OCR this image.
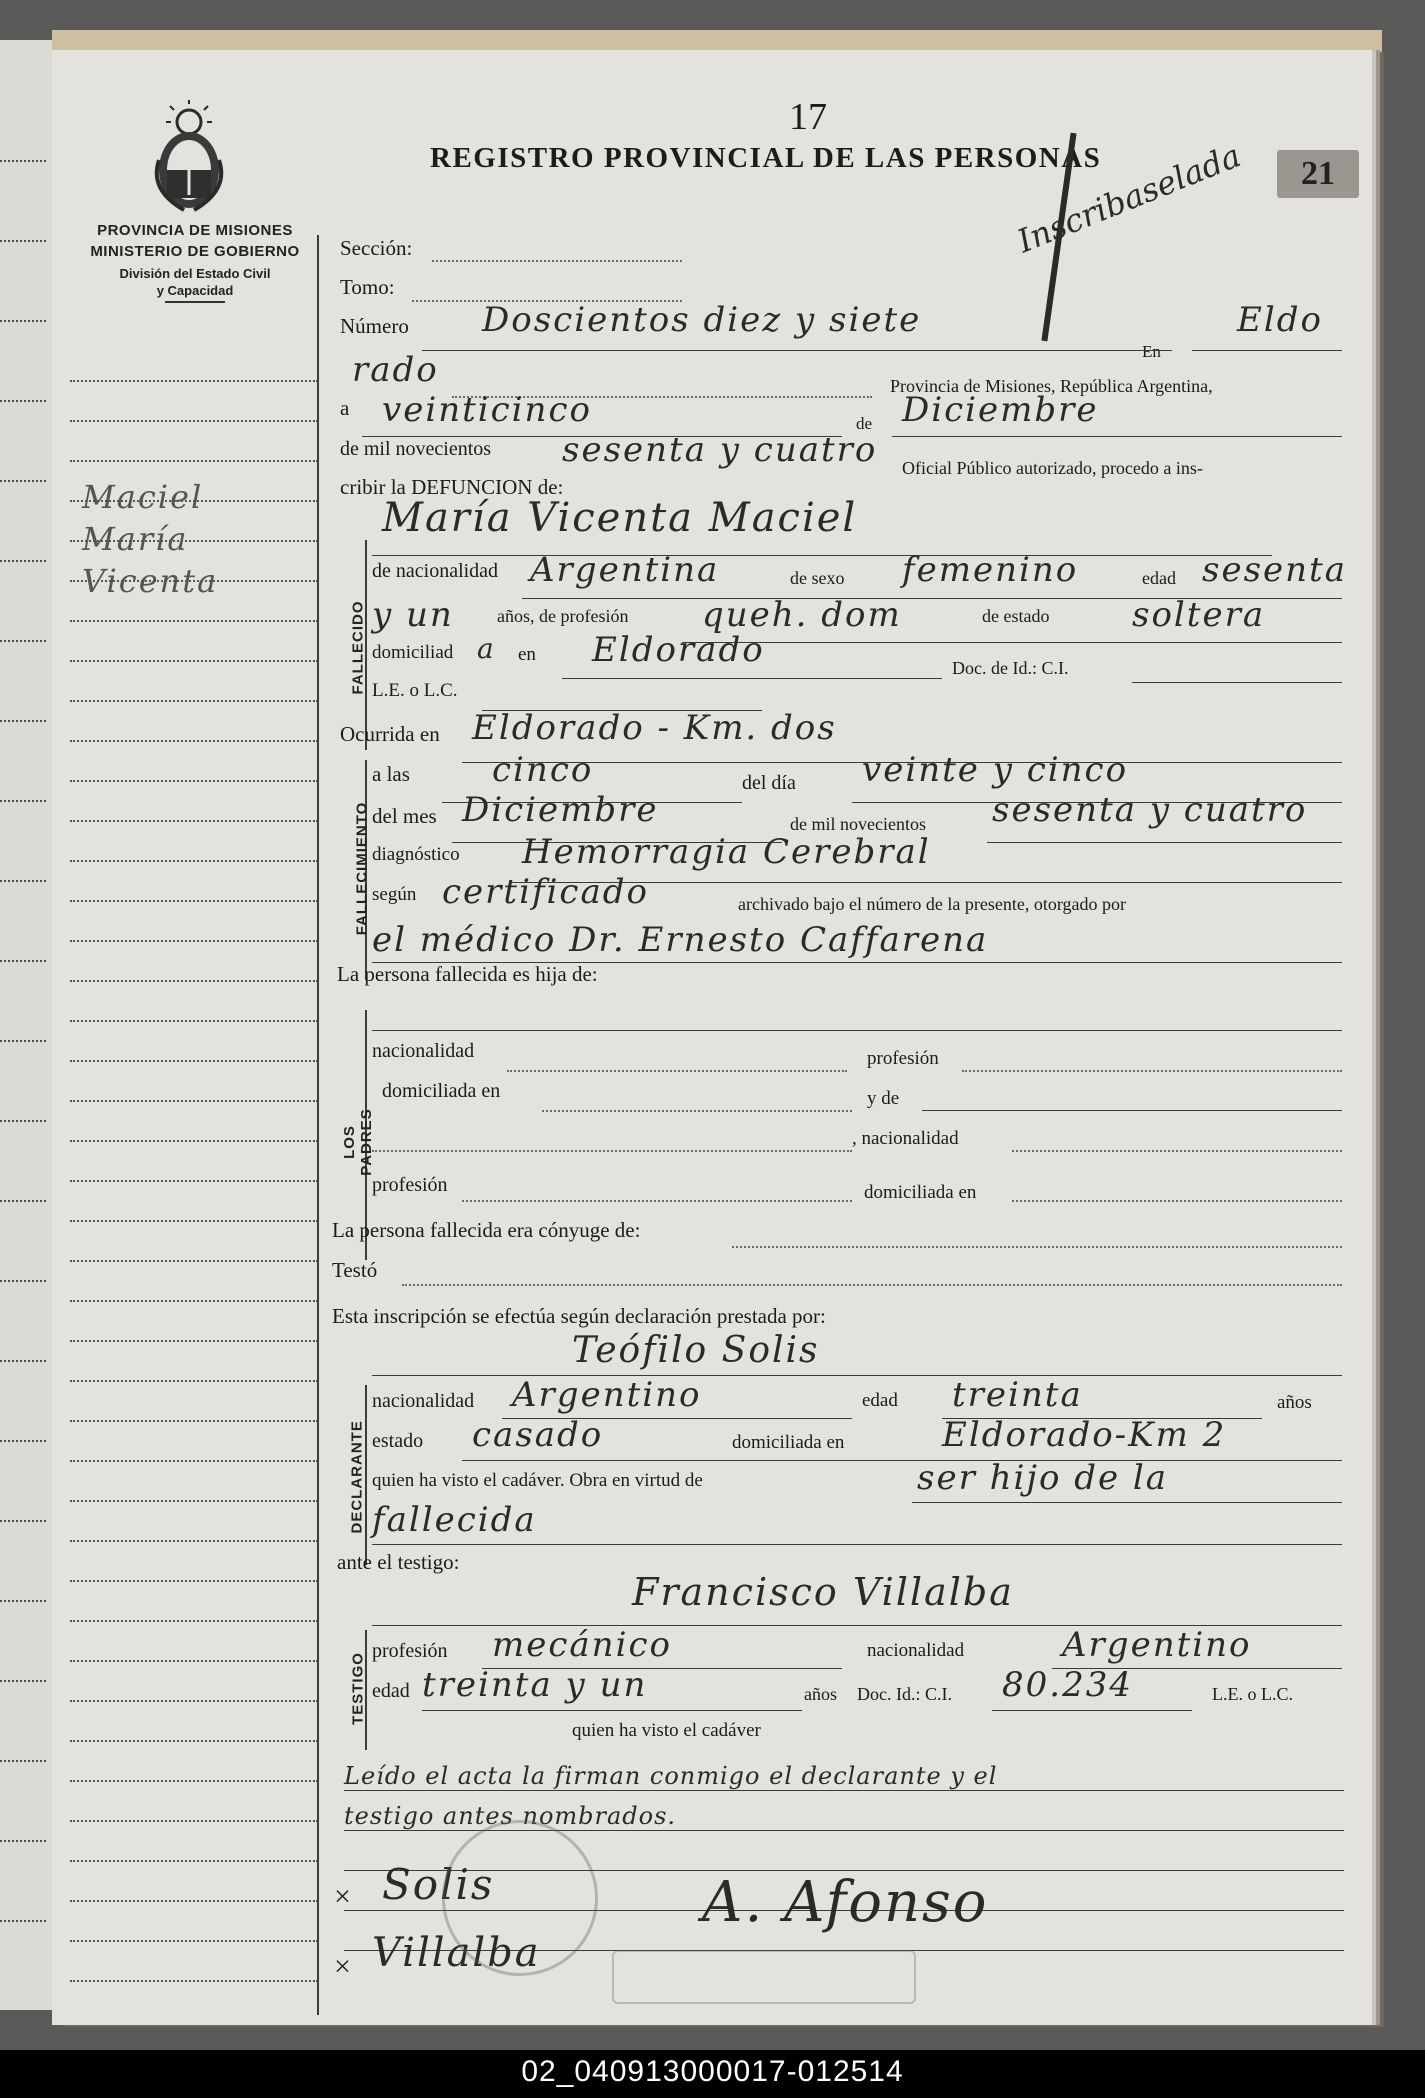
PROVINCIA DE MISIONES
MINISTERIO DE GOBIERNO
División del Estado Civil
y Capacidad
17
REGISTRO PROVINCIAL DE LAS PERSONAS	21
Inscribaselada
Maciel
María
Vicenta
Sección:
Tomo:
Número Doscientos diez y siete
En
Eldo
rado	Provincia de Misiones, República Argentina,
a veinticinco	de Diciembre
de mil novecientos sesenta y cuatro Oficial Público autorizado, procedo a ins-
cribir la DEFUNCION de:
FALLECIDO
María Vicenta Maciel
de nacionalidad Argentina	de sexo femenino	edad sesenta
y un años, de profesión queh. dom	de estado soltera
domiciliad a en Eldorado	Doc. de Id.: C.I.
L.E. o L.C.
Ocurrida en Eldorado - Km. dos
FALLECIMIENTO
a las cinco	del día veinte y cinco
del mes Diciembre	de mil novecientos sesenta y cuatro
diagnóstico Hemorragia Cerebral
según certificado	archivado bajo el número de la presente, otorgado por
el médico Dr. Ernesto Caffarena
La persona fallecida es hija de:
LOS PADRES
nacionalidad	profesión
domiciliada en	y de
, nacionalidad
profesión	domiciliada en
La persona fallecida era cónyuge de:
Testó
Esta inscripción se efectúa según declaración prestada por:
Teófilo Solis
DECLARANTE
nacionalidad Argentino	edad treinta	años
estado casado	domiciliada en	Eldorado-Km 2
quien ha visto el cadáver. Obra en virtud de	ser hijo de la
fallecida
ante el testigo:
Francisco Villalba
TESTIGO
profesión mecánico	nacionalidad	Argentino
edad treinta y un	años Doc. Id.: C.I. 80.234	L.E. o L.C.
quien ha visto el cadáver
Leído el acta la firman conmigo el declarante y el
testigo antes nombrados.
× Solis
× Villalba
A. Afonso
02_040913000017-012514
